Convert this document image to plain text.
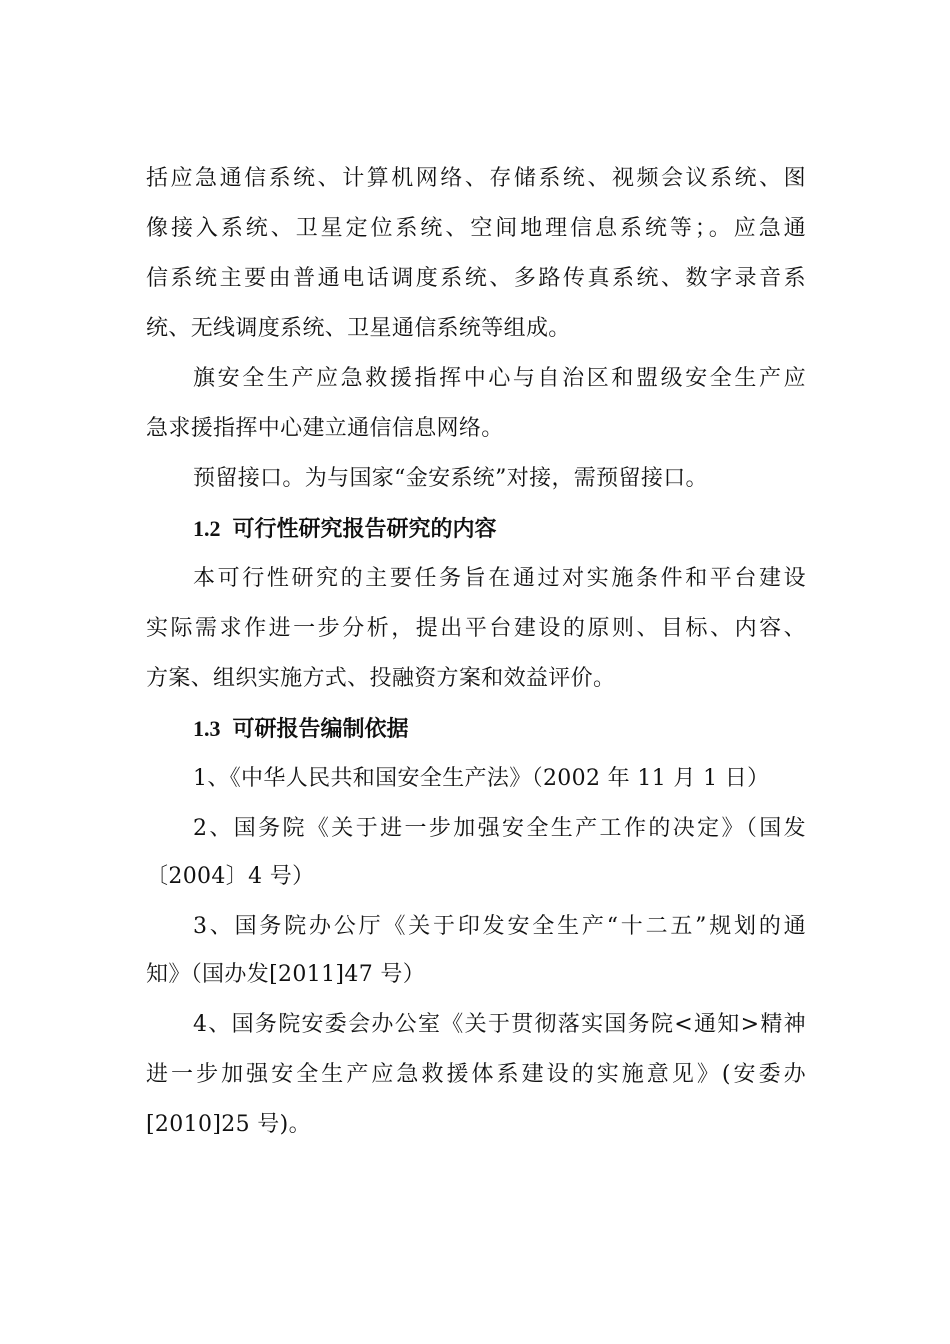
括应急通信系统、计算机网络、存储系统、视频会议系统、图
像接入系统、卫星定位系统、空间地理信息系统等；。应急通
信系统主要由普通电话调度系统、多路传真系统、数字录音系
统、无线调度系统、卫星通信系统等组成。
旗安全生产应急救援指挥中心与自治区和盟级安全生产应
急求援指挥中心建立通信信息网络。
预留接口。为与国家“金安系统”对接，需预留接口。
1.2 可行性研究报告研究的内容
本可行性研究的主要任务旨在通过对实施条件和平台建设
实际需求作进一步分析，提出平台建设的原则、目标、内容、
方案、组织实施方式、投融资方案和效益评价。
1.3 可研报告编制依据
1、《中华人民共和国安全生产法》（2002 年 11 月 1 日）
2、国务院《关于进一步加强安全生产工作的决定》（国发
〔2004〕4 号）
3、国务院办公厅《关于印发安全生产“十二五”规划的通
知》（国办发[2011]47 号）
4、国务院安委会办公室《关于贯彻落实国务院<通知>精神
进一步加强安全生产应急救援体系建设的实施意见》(安委办
[2010]25 号)。
